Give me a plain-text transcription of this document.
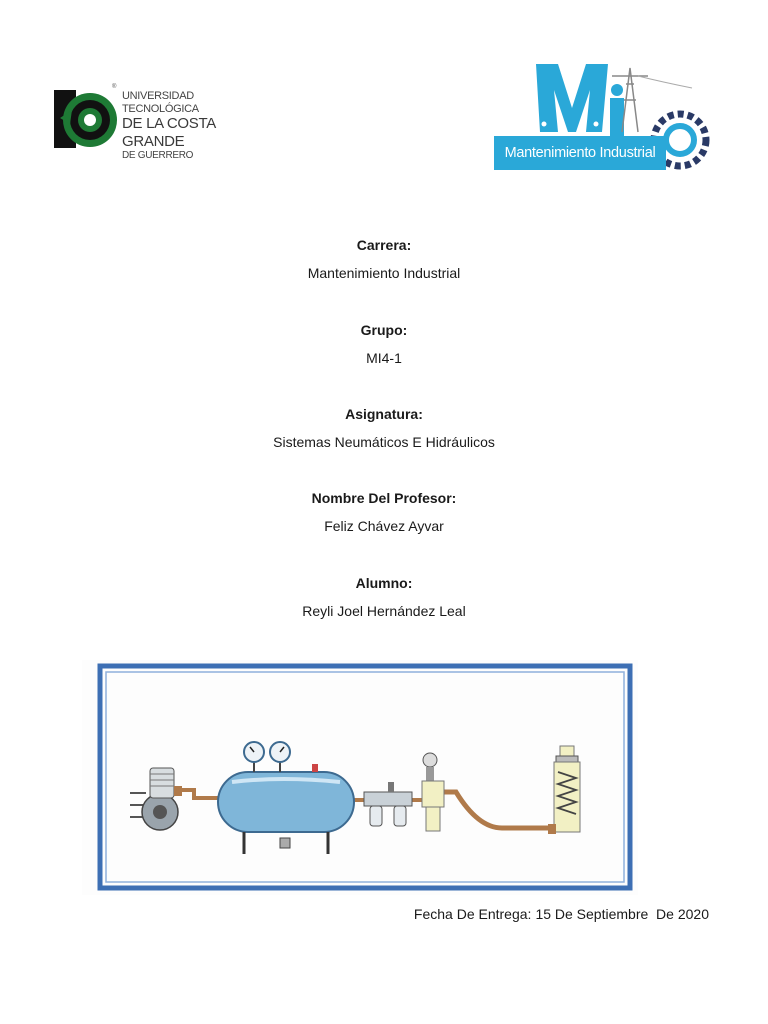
®
UNIVERSIDAD TECNOLÓGICA
DE LA COSTA GRANDE
DE GUERRERO	Mantenimiento Industrial
Carrera:
Mantenimiento Industrial
Grupo:
MI4-1
Asignatura:
Sistemas Neumáticos E Hidráulicos
Nombre Del Profesor:
Feliz Chávez Ayvar
Alumno:
Reyli Joel Hernández Leal
Fecha De Entrega: 15 De Septiembre  De 2020
